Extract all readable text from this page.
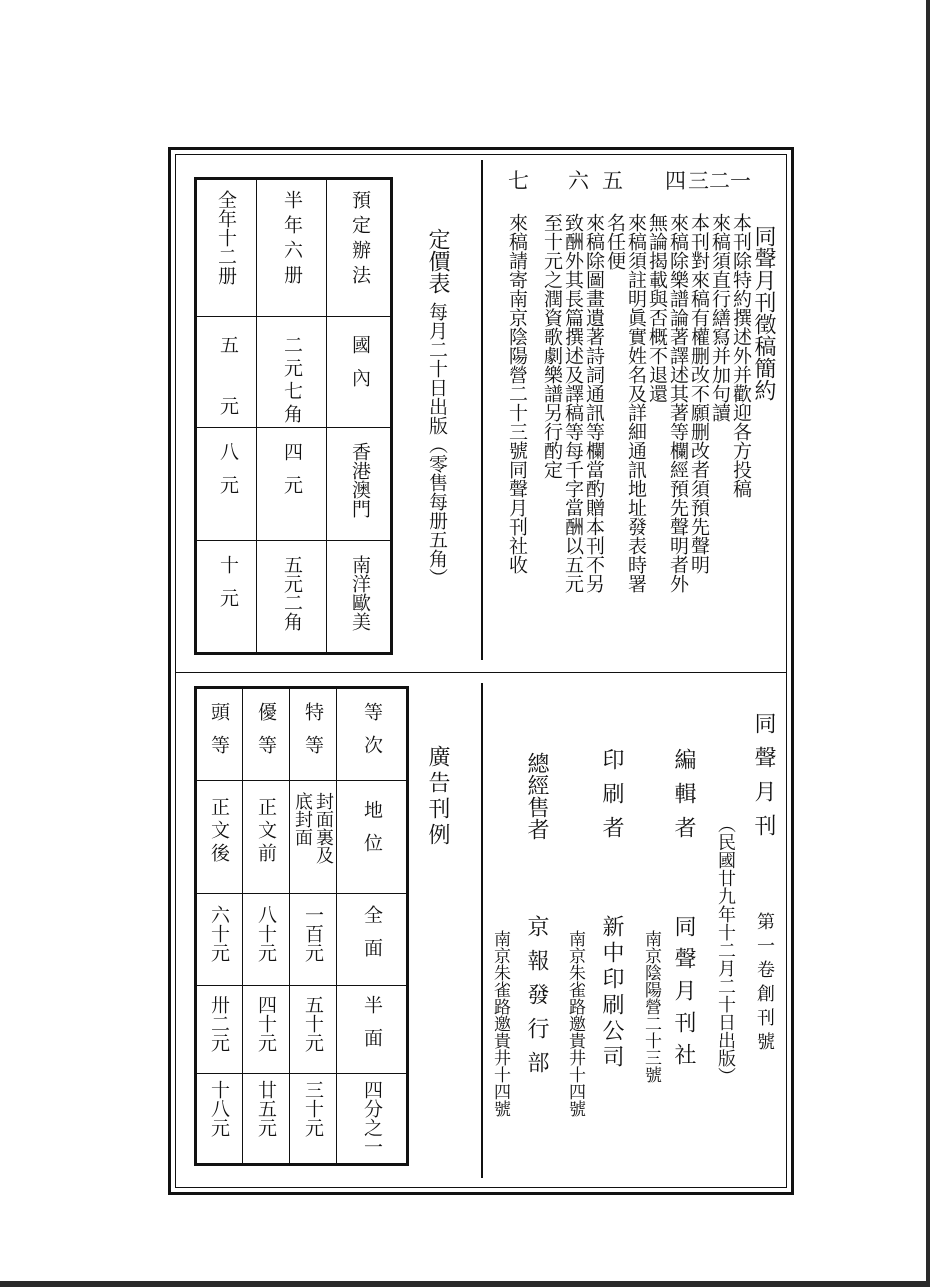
同聲月刊徵稿簡約
一
二
三
四
五
六
七
本刊除特約撰述外并歡迎各方投稿
來稿須直行繕寫并加句讀
本刊對來稿有權删改不願删改者須預先聲明
來稿除樂譜論著譯述其著等欄經預先聲明者外
無論揭載與否概不退還
來稿須註明眞實姓名及詳細通訊地址發表時署
名任便
來稿除圖畫遺著詩詞通訊等欄當酌贈本刊不另
致酬外其長篇撰述及譯稿等每千字當酬以五元
至十元之潤資歌劇樂譜另行酌定
來稿請寄南京陰陽營二十三號同聲月刊社收
定價表
每月二十日出版（零售每册五角）
預定辦法
半年六册
全年十二册
國內
二元七角
五
元
香港澳門
四元
八元
南洋歐美
五元二角
十元
同聲月刊
第一卷創刊號
（民國廿九年十二月二十日出版）
編輯者
同聲月刊社
南京陰陽營二十三號
印刷者
新中印刷公司
南京朱雀路邀貴井十四號
總經售者
京報發行部
南京朱雀路邀貴井十四號
廣告刊例
等次
地位
全面
半面
四分之一
特等
封面裏及底封面
一百元
五十元
三十元
優等
正文前
八十元
四十元
廿五元
頭等
正文後
六十元
卅二元
十八元
